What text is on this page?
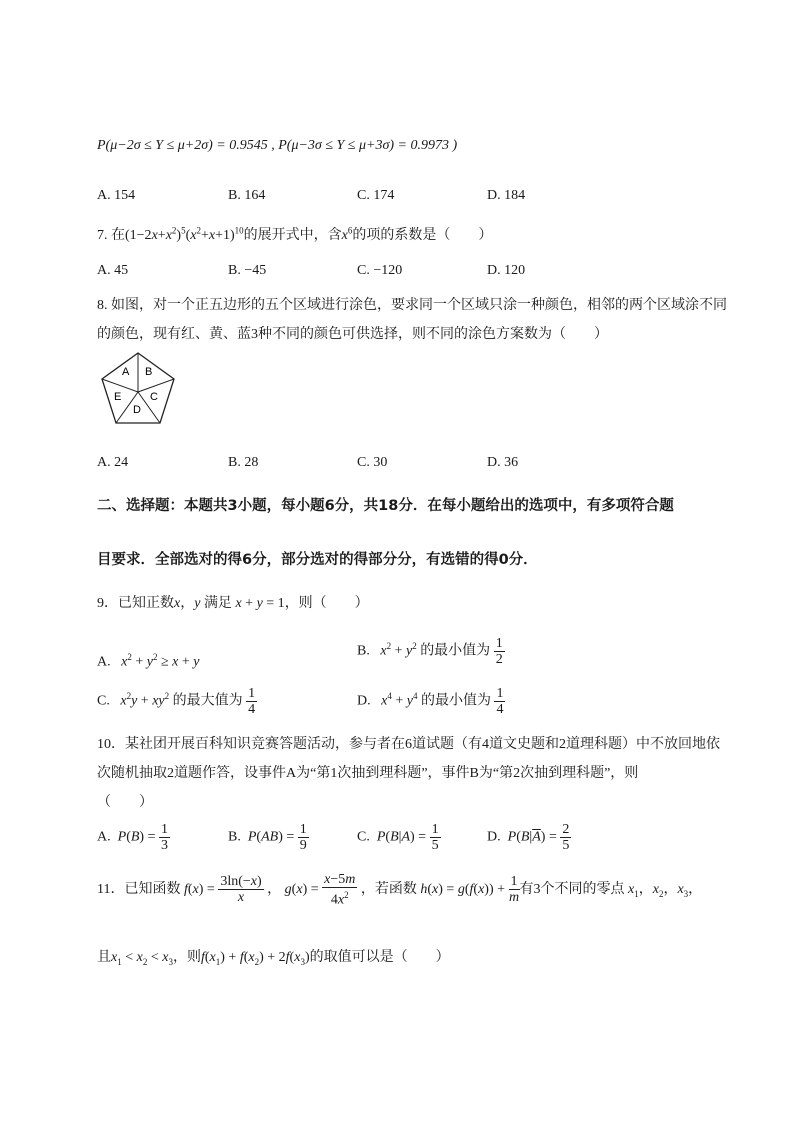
P(μ−2σ ≤ Y ≤ μ+2σ) = 0.9545 , P(μ−3σ ≤ Y ≤ μ+3σ) = 0.9973 )
A. 154	B. 164	C. 174	D. 184
7. 在$(1-2x+x^2)^5(x^2+x+1)^{10}$的展开式中，含$x^6$的项的系数是（　　）
A. 45	B. −45	C. −120	D. 120
8. 如图，对一个正五边形的五个区域进行涂色，要求同一个区域只涂一种颜色，相邻的两个区域涂不同
的颜色，现有红、黄、蓝3种不同的颜色可供选择，则不同的涂色方案数为（　　）
A B
C
D
E
A. 24	B. 28	C. 30	D. 36
二、选择题：本题共3小题，每小题6分，共18分．在每小题给出的选项中，有多项符合题
目要求．全部选对的得6分，部分选对的得部分分，有选错的得0分．
9．已知正数x，y 满足 x + y = 1，则（　　）
A.   $x^2 + y^2 \ge x + y$
B.   $x^2 + y^2$ 的最小值为 $\frac{1}{2}$
C.   $x^2y + xy^2$ 的最大值为 $\frac{1}{4}$	D.   $x^4 + y^4$ 的最小值为 $\frac{1}{4}$
10．某社团开展百科知识竞赛答题活动，参与者在6道试题（有4道文史题和2道理科题）中不放回地依
次随机抽取2道题作答，设事件A为“第1次抽到理科题”，事件B为“第2次抽到理科题”，则
（　　）
A.  $P(B) = \frac{1}{3}$	B.  $P(AB) = \frac{1}{9}$	C.  $P(B|A) = \frac{1}{5}$	D.  $P(B|\overline{A}) = \frac{2}{5}$
11．已知函数 $f(x) = \frac{3\ln(-x)}{x}$ ， $g(x) = \frac{x-5m}{4x^2}$ ，若函数 $h(x) = g(f(x)) + \frac{1}{m}$ 有3个不同的零点 $x_1$，$x_2$，$x_3$，
且$x_1 < x_2 < x_3$，则$f(x_1) + f(x_2) + 2f(x_3)$的取值可以是（　　）
